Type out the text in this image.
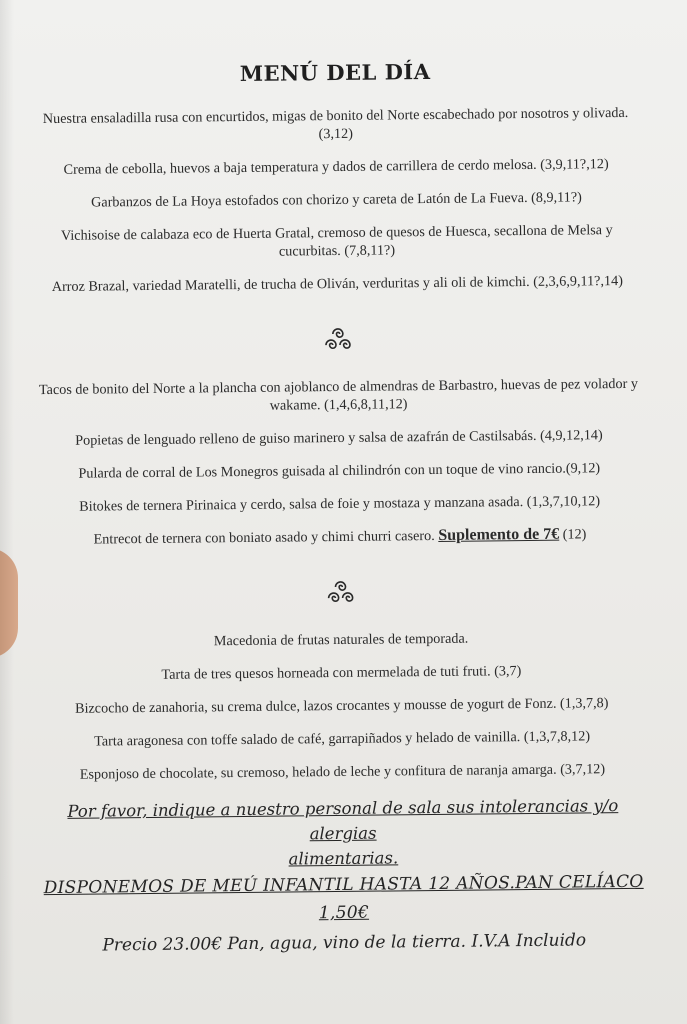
MENÚ DEL DÍA

Nuestra ensaladilla rusa con encurtidos, migas de bonito del Norte escabechado por nosotros y olivada. (3,12)

Crema de cebolla, huevos a baja temperatura y dados de carrillera de cerdo melosa. (3,9,11?,12)

Garbanzos de La Hoya estofados con chorizo y careta de Latón de La Fueva. (8,9,11?)

Vichisoise de calabaza eco de Huerta Gratal, cremoso de quesos de Huesca, secallona de Melsa y cucurbitas. (7,8,11?)

Arroz Brazal, variedad Maratelli, de trucha de Oliván, verduritas y ali oli de kimchi. (2,3,6,9,11?,14)

Tacos de bonito del Norte a la plancha con ajoblanco de almendras de Barbastro, huevas de pez volador y wakame. (1,4,6,8,11,12)

Popietas de lenguado relleno de guiso marinero y salsa de azafrán de Castilsabás. (4,9,12,14)

Pularda de corral de Los Monegros guisada al chilindrón con un toque de vino rancio.(9,12)

Bitokes de ternera Pirinaica y cerdo, salsa de foie y mostaza y manzana asada. (1,3,7,10,12)

Entrecot de ternera con boniato asado y chimi churri casero. Suplemento de 7€ (12)

Macedonia de frutas naturales de temporada.

Tarta de tres quesos horneada con mermelada de tuti fruti. (3,7)

Bizcocho de zanahoria, su crema dulce, lazos crocantes y mousse de yogurt de Fonz. (1,3,7,8)

Tarta aragonesa con toffe salado de café, garrapiñados y helado de vainilla. (1,3,7,8,12)

Esponjoso de chocolate, su cremoso, helado de leche y confitura de naranja amarga. (3,7,12)

Por favor, indique a nuestro personal de sala sus intolerancias y/o alergias
alimentarias.
DISPONEMOS DE MEÚ INFANTIL HASTA 12 AÑOS.PAN CELÍACO
1,50€
Precio 23.00€ Pan, agua, vino de la tierra. I.V.A Incluido
